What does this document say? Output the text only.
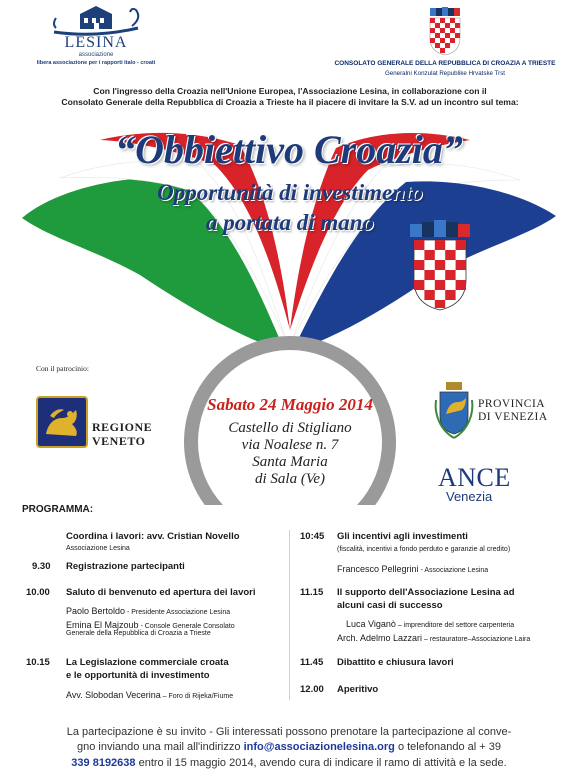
LESINA
associazione
libera associazione per i rapporti italo - croati	CONSOLATO GENERALE DELLA REPUBBLICA DI CROAZIA A TRIESTE
Generalni Konzulat Republike Hrvatske Trst
Con l'ingresso della Croazia nell'Unione Europea, l'Associazione Lesina, in collaborazione con il
Consolato Generale della Repubblica di Croazia a Trieste ha il piacere di invitare la S.V. ad un incontro sul tema:
“Obbiettivo Croazia”
Opportunità di investimento
a portata di mano
Con il patrocinio:
REGIONE
VENETO
PROVINCIA
DI VENEZIA
ANCE
Venezia
Sabato 24 Maggio 2014
Castello di Stigliano
via Noalese n. 7
Santa Maria
di Sala (Ve)
PROGRAMMA:
Coordina i lavori: avv. Cristian Novello
Associazione Lesina
9.30 Registrazione partecipanti
10.00 Saluto di benvenuto ed apertura dei lavori
Paolo Bertoldo - Presidente Associazione Lesina
Emina El Majzoub - Console Generale Consolato
Generale della Repubblica di Croazia a Trieste
10.15 La Legislazione commerciale croata
e le opportunità di investimento
Avv. Slobodan Vecerina – Foro di Rijeka/Fiume
10:45 Gli incentivi agli investimenti
(fiscalità, incentivi a fondo perduto e garanzie al credito)
Francesco Pellegrini - Associazione Lesina
11.15 Il supporto dell'Associazione Lesina ad
alcuni casi di successo
Luca Viganò – imprenditore del settore carpenteria
Arch. Adelmo Lazzari – restauratore–Associazione Laira
11.45 Dibattito e chiusura lavori
12.00 Aperitivo
La partecipazione è su invito - Gli interessati possono prenotare la partecipazione al conve-
gno inviando una mail all'indirizzo info@associazionelesina.org o telefonando al + 39
339 8192638 entro il 15 maggio 2014, avendo cura di indicare il ramo di attività e la sede.
